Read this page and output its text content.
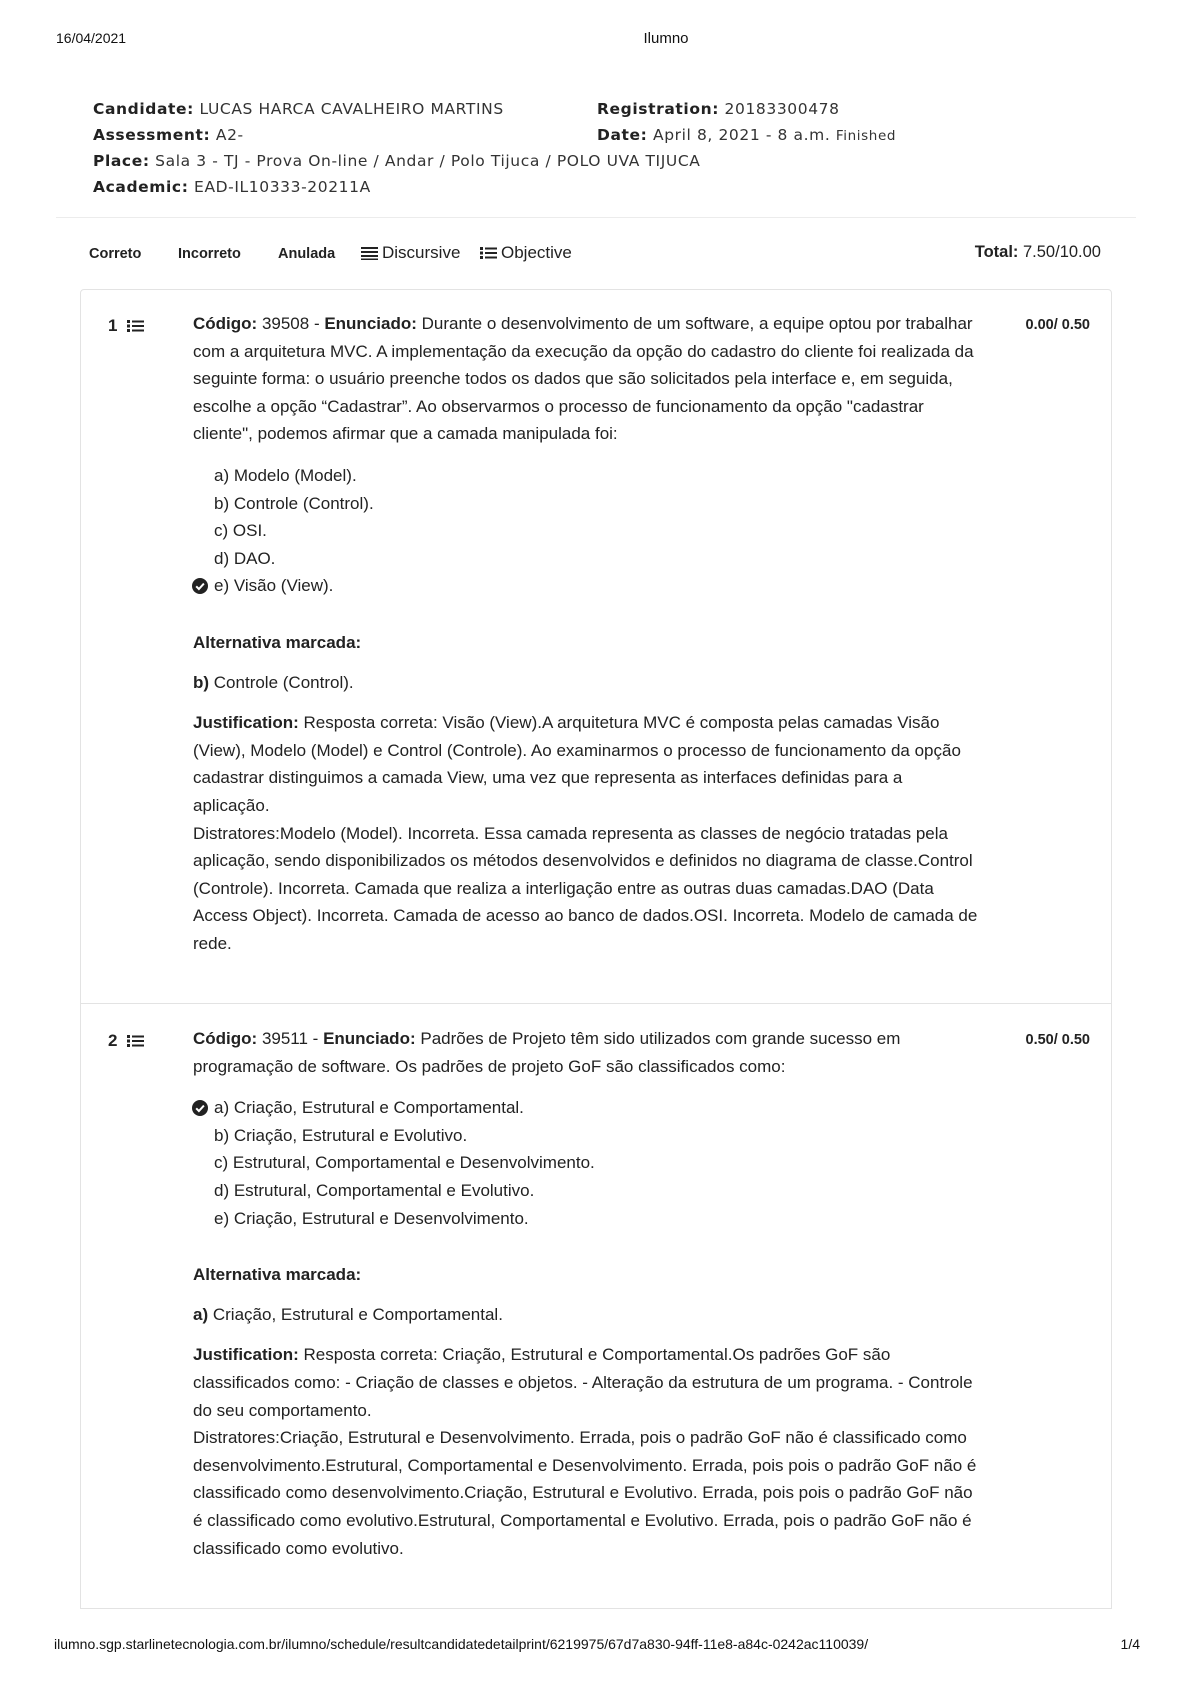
16/04/2021	Ilumno
Candidate: LUCAS HARCA CAVALHEIRO MARTINS	Registration: 20183300478
Assessment: A2-	Date: April 8, 2021 - 8 a.m. Finished
Place: Sala 3 - TJ - Prova On-line / Andar / Polo Tijuca / POLO UVA TIJUCA
Academic: EAD-IL10333-20211A
Correto	Incorreto	Anulada	Discursive Objective	Total: 7.50/10.00
1	0.00/ 0.50
Código: 39508 - Enunciado: Durante o desenvolvimento de um software, a equipe optou por trabalhar com a arquitetura MVC. A implementação da execução da opção do cadastro do cliente foi realizada da seguinte forma: o usuário preenche todos os dados que são solicitados pela interface e, em seguida, escolhe a opção “Cadastrar”. Ao observarmos o processo de funcionamento da opção "cadastrar cliente", podemos afirmar que a camada manipulada foi:
a) Modelo (Model).
b) Controle (Control).
c) OSI.
d) DAO.
e) Visão (View).
Alternativa marcada:
b) Controle (Control).
Justification: Resposta correta: Visão (View).A arquitetura MVC é composta pelas camadas Visão (View), Modelo (Model) e Control (Controle). Ao examinarmos o processo de funcionamento da opção cadastrar distinguimos a camada View, uma vez que representa as interfaces definidas para a aplicação.
Distratores:Modelo (Model). Incorreta. Essa camada representa as classes de negócio tratadas pela aplicação, sendo disponibilizados os métodos desenvolvidos e definidos no diagrama de classe.Control (Controle). Incorreta. Camada que realiza a interligação entre as outras duas camadas.DAO (Data Access Object). Incorreta. Camada de acesso ao banco de dados.OSI. Incorreta. Modelo de camada de rede.
2	0.50/ 0.50
Código: 39511 - Enunciado: Padrões de Projeto têm sido utilizados com grande sucesso em programação de software. Os padrões de projeto GoF são classificados como:
a) Criação, Estrutural e Comportamental.
b) Criação, Estrutural e Evolutivo.
c) Estrutural, Comportamental e Desenvolvimento.
d) Estrutural, Comportamental e Evolutivo.
e) Criação, Estrutural e Desenvolvimento.
Alternativa marcada:
a) Criação, Estrutural e Comportamental.
Justification: Resposta correta: Criação, Estrutural e Comportamental.Os padrões GoF são classificados como: - Criação de classes e objetos. - Alteração da estrutura de um programa. - Controle do seu comportamento.
Distratores:Criação, Estrutural e Desenvolvimento. Errada, pois o padrão GoF não é classificado como desenvolvimento.Estrutural, Comportamental e Desenvolvimento. Errada, pois pois o padrão GoF não é classificado como desenvolvimento.Criação, Estrutural e Evolutivo. Errada, pois pois o padrão GoF não é classificado como evolutivo.Estrutural, Comportamental e Evolutivo. Errada, pois o padrão GoF não é classificado como evolutivo.
ilumno.sgp.starlinetecnologia.com.br/ilumno/schedule/resultcandidatedetailprint/6219975/67d7a830-94ff-11e8-a84c-0242ac110039/	1/4
